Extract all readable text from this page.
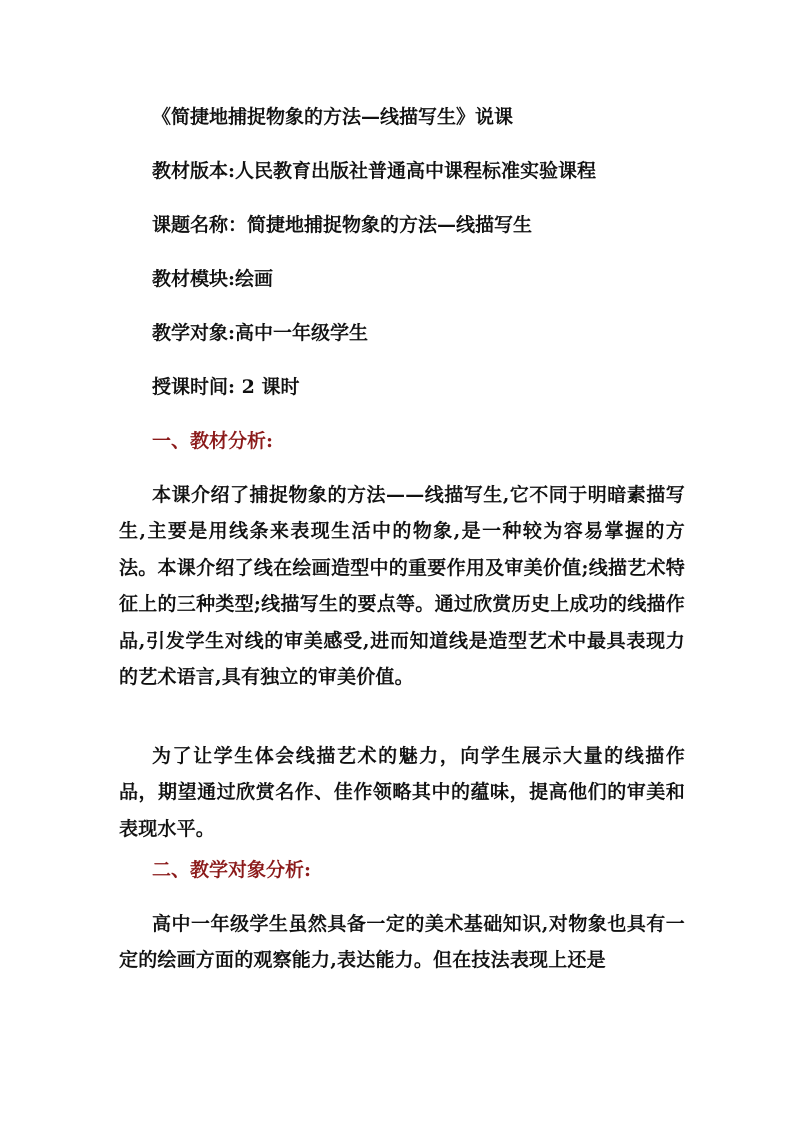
《简捷地捕捉物象的方法—线描写生》说课
教材版本:人民教育出版社普通高中课程标准实验课程
课题名称：简捷地捕捉物象的方法—线描写生
教材模块:绘画
教学对象:高中一年级学生
授课时间: 2 课时
一、教材分析:

本课介绍了捕捉物象的方法——线描写生,它不同于明暗素描写生,主要是用线条来表现生活中的物象,是一种较为容易掌握的方法。本课介绍了线在绘画造型中的重要作用及审美价值;线描艺术特征上的三种类型;线描写生的要点等。通过欣赏历史上成功的线描作品,引发学生对线的审美感受,进而知道线是造型艺术中最具表现力的艺术语言,具有独立的审美价值。

为了让学生体会线描艺术的魅力，向学生展示大量的线描作品，期望通过欣赏名作、佳作领略其中的蕴味，提高他们的审美和表现水平。

二、教学对象分析:

高中一年级学生虽然具备一定的美术基础知识,对物象也具有一定的绘画方面的观察能力,表达能力。但在技法表现上还是
